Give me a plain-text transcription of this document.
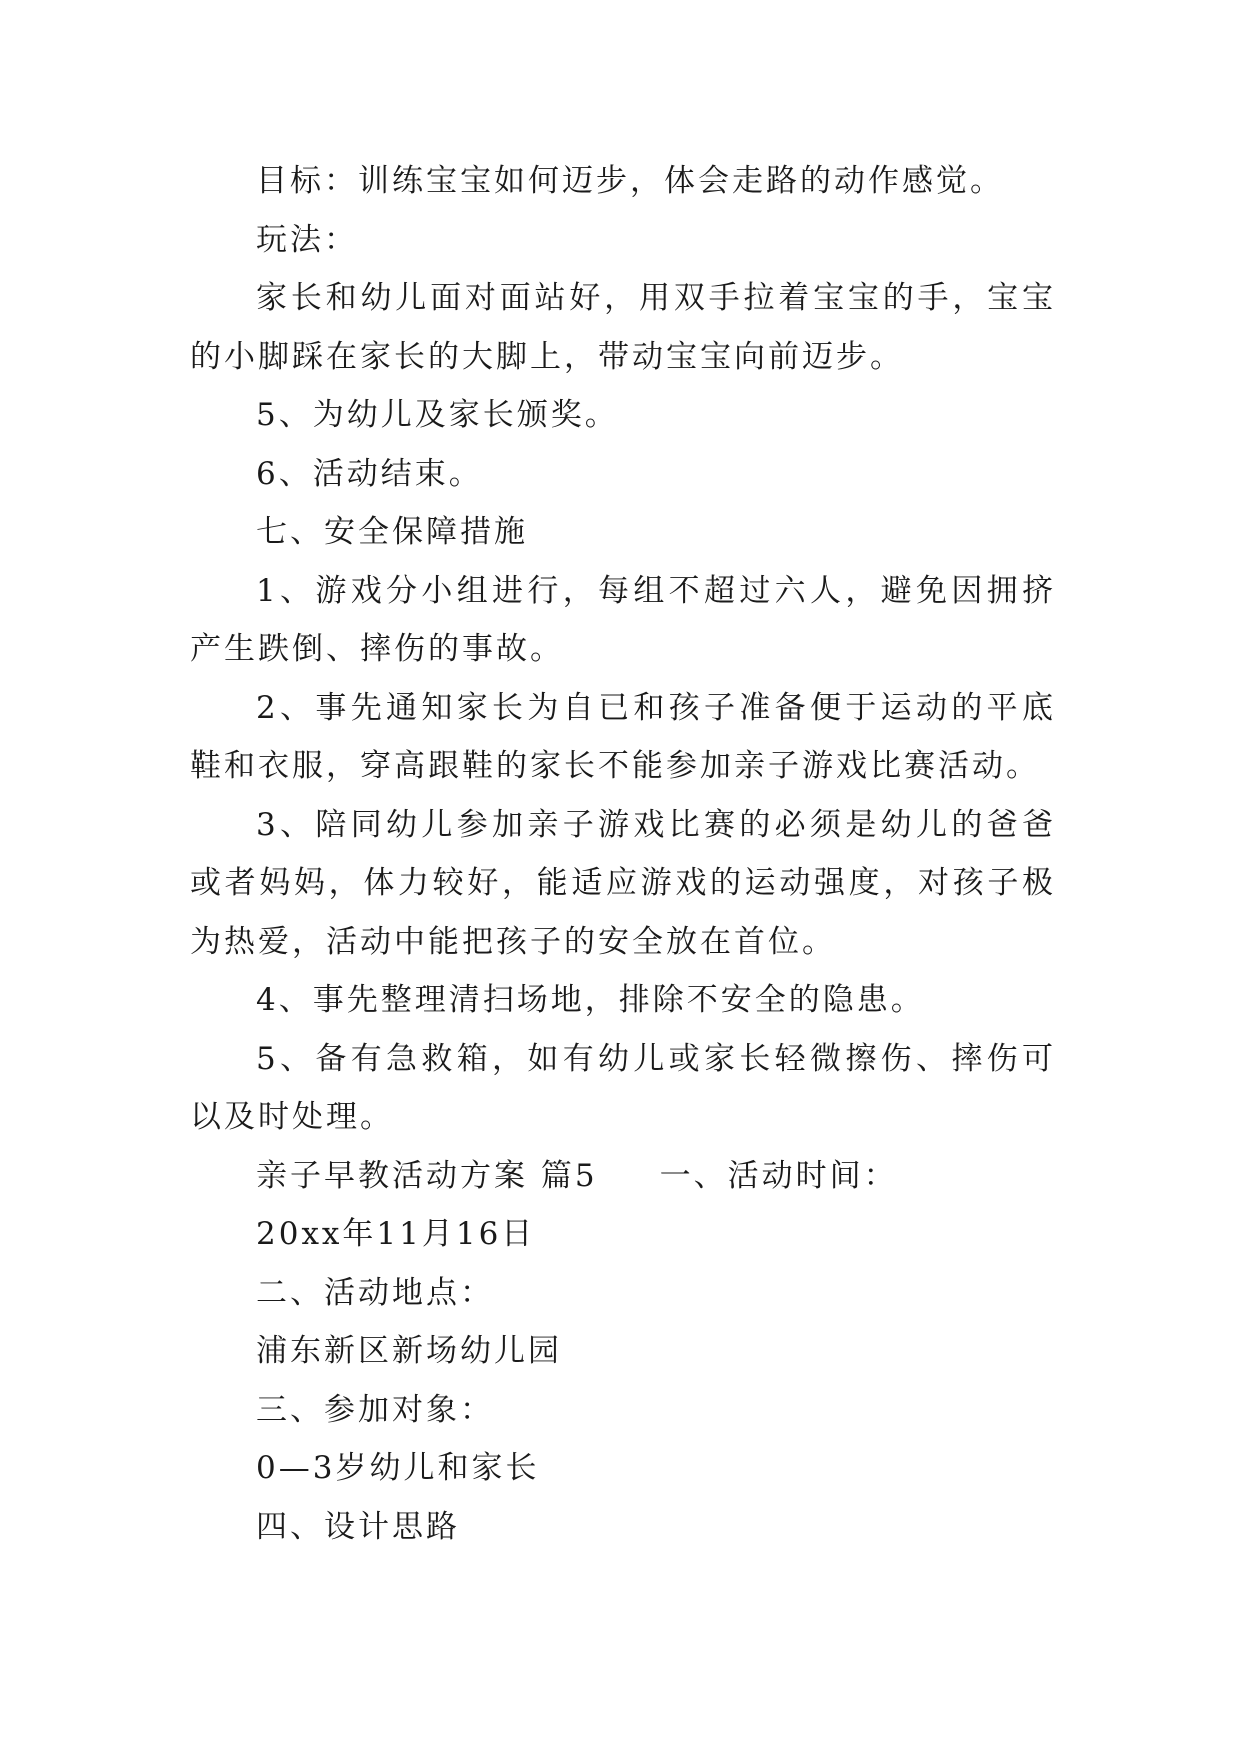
目标：训练宝宝如何迈步，体会走路的动作感觉。

玩法：

家长和幼儿面对面站好，用双手拉着宝宝的手，宝宝的小脚踩在家长的大脚上，带动宝宝向前迈步。

5、为幼儿及家长颁奖。

6、活动结束。

七、安全保障措施

1、游戏分小组进行，每组不超过六人，避免因拥挤产生跌倒、摔伤的事故。

2、事先通知家长为自已和孩子准备便于运动的平底鞋和衣服，穿高跟鞋的家长不能参加亲子游戏比赛活动。

3、陪同幼儿参加亲子游戏比赛的必须是幼儿的爸爸或者妈妈，体力较好，能适应游戏的运动强度，对孩子极为热爱，活动中能把孩子的安全放在首位。

4、事先整理清扫场地，排除不安全的隐患。

5、备有急救箱，如有幼儿或家长轻微擦伤、摔伤可以及时处理。

亲子早教活动方案 篇5 一、活动时间：

20xx年11月16日

二、活动地点：

浦东新区新场幼儿园

三、参加对象：

0—3岁幼儿和家长

四、设计思路
